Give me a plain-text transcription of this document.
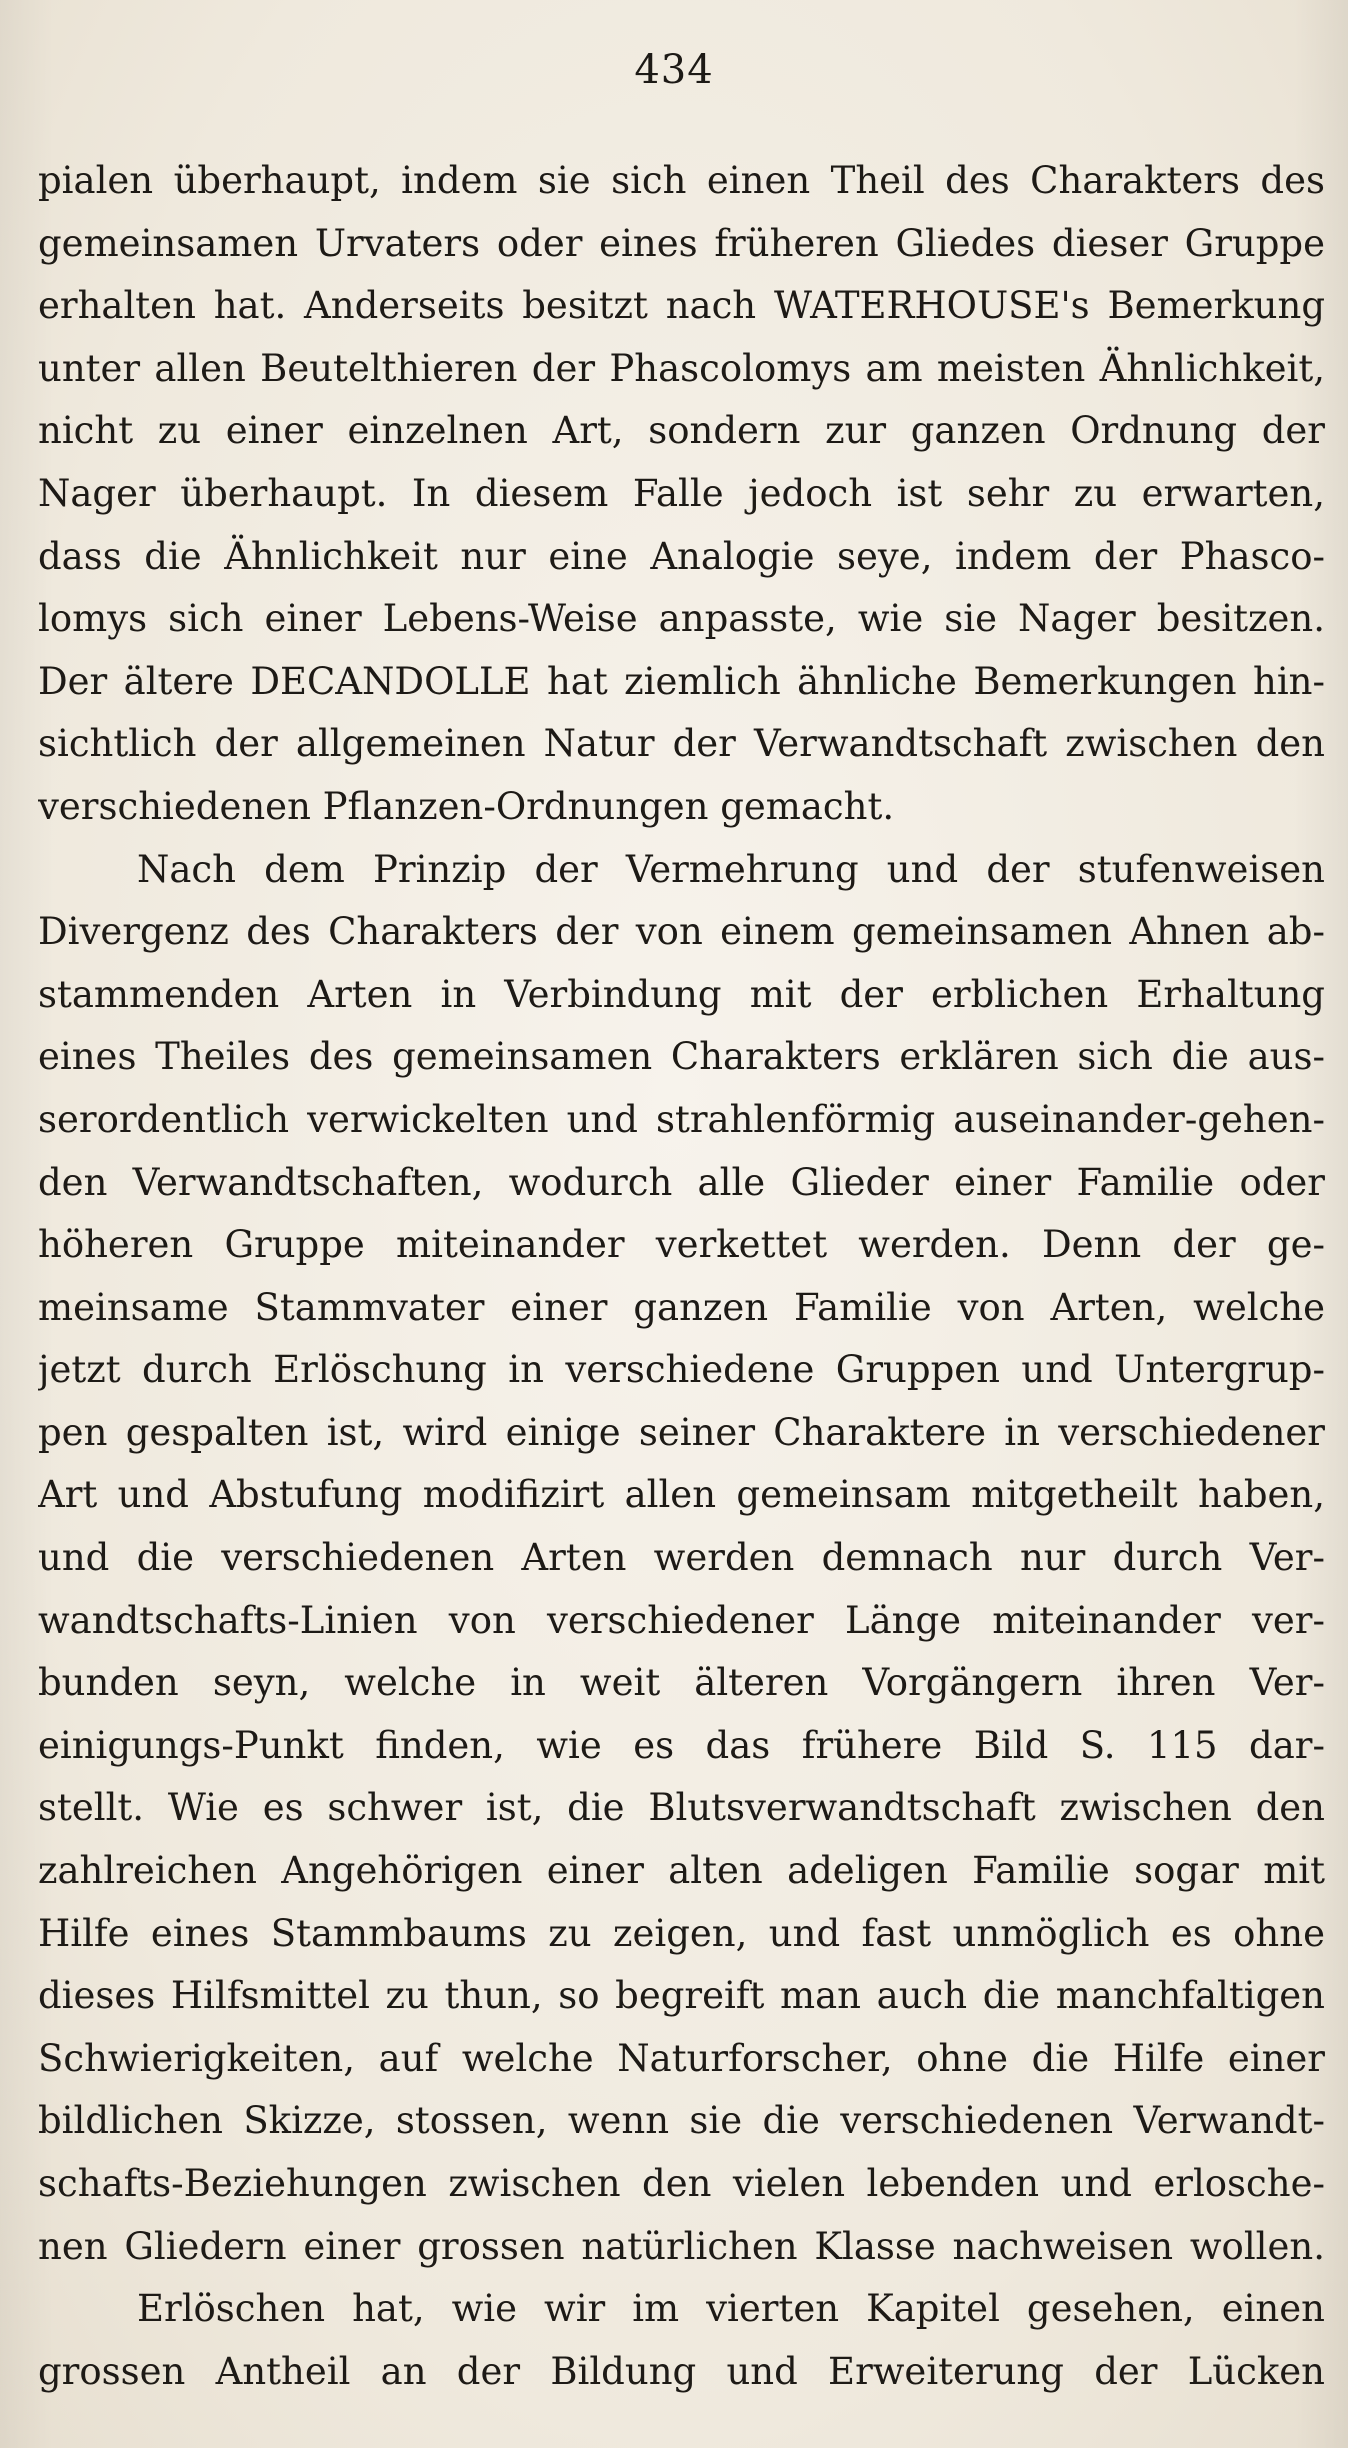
434
pialen überhaupt, indem sie sich einen Theil des Charakters des
gemeinsamen Urvaters oder eines früheren Gliedes dieser Gruppe
erhalten hat. Anderseits besitzt nach WATERHOUSE's Bemerkung
unter allen Beutelthieren der Phascolomys am meisten Ähnlichkeit,
nicht zu einer einzelnen Art, sondern zur ganzen Ordnung der
Nager überhaupt. In diesem Falle jedoch ist sehr zu erwarten,
dass die Ähnlichkeit nur eine Analogie seye, indem der Phasco-
lomys sich einer Lebens-Weise anpasste, wie sie Nager besitzen.
Der ältere DECANDOLLE hat ziemlich ähnliche Bemerkungen hin-
sichtlich der allgemeinen Natur der Verwandtschaft zwischen den
verschiedenen Pflanzen-Ordnungen gemacht.
Nach dem Prinzip der Vermehrung und der stufenweisen
Divergenz des Charakters der von einem gemeinsamen Ahnen ab-
stammenden Arten in Verbindung mit der erblichen Erhaltung
eines Theiles des gemeinsamen Charakters erklären sich die aus-
serordentlich verwickelten und strahlenförmig auseinander-gehen-
den Verwandtschaften, wodurch alle Glieder einer Familie oder
höheren Gruppe miteinander verkettet werden. Denn der ge-
meinsame Stammvater einer ganzen Familie von Arten, welche
jetzt durch Erlöschung in verschiedene Gruppen und Untergrup-
pen gespalten ist, wird einige seiner Charaktere in verschiedener
Art und Abstufung modifizirt allen gemeinsam mitgetheilt haben,
und die verschiedenen Arten werden demnach nur durch Ver-
wandtschafts-Linien von verschiedener Länge miteinander ver-
bunden seyn, welche in weit älteren Vorgängern ihren Ver-
einigungs-Punkt finden, wie es das frühere Bild S. 115 dar-
stellt. Wie es schwer ist, die Blutsverwandtschaft zwischen den
zahlreichen Angehörigen einer alten adeligen Familie sogar mit
Hilfe eines Stammbaums zu zeigen, und fast unmöglich es ohne
dieses Hilfsmittel zu thun, so begreift man auch die manchfaltigen
Schwierigkeiten, auf welche Naturforscher, ohne die Hilfe einer
bildlichen Skizze, stossen, wenn sie die verschiedenen Verwandt-
schafts-Beziehungen zwischen den vielen lebenden und erlosche-
nen Gliedern einer grossen natürlichen Klasse nachweisen wollen.
Erlöschen hat, wie wir im vierten Kapitel gesehen, einen
grossen Antheil an der Bildung und Erweiterung der Lücken
